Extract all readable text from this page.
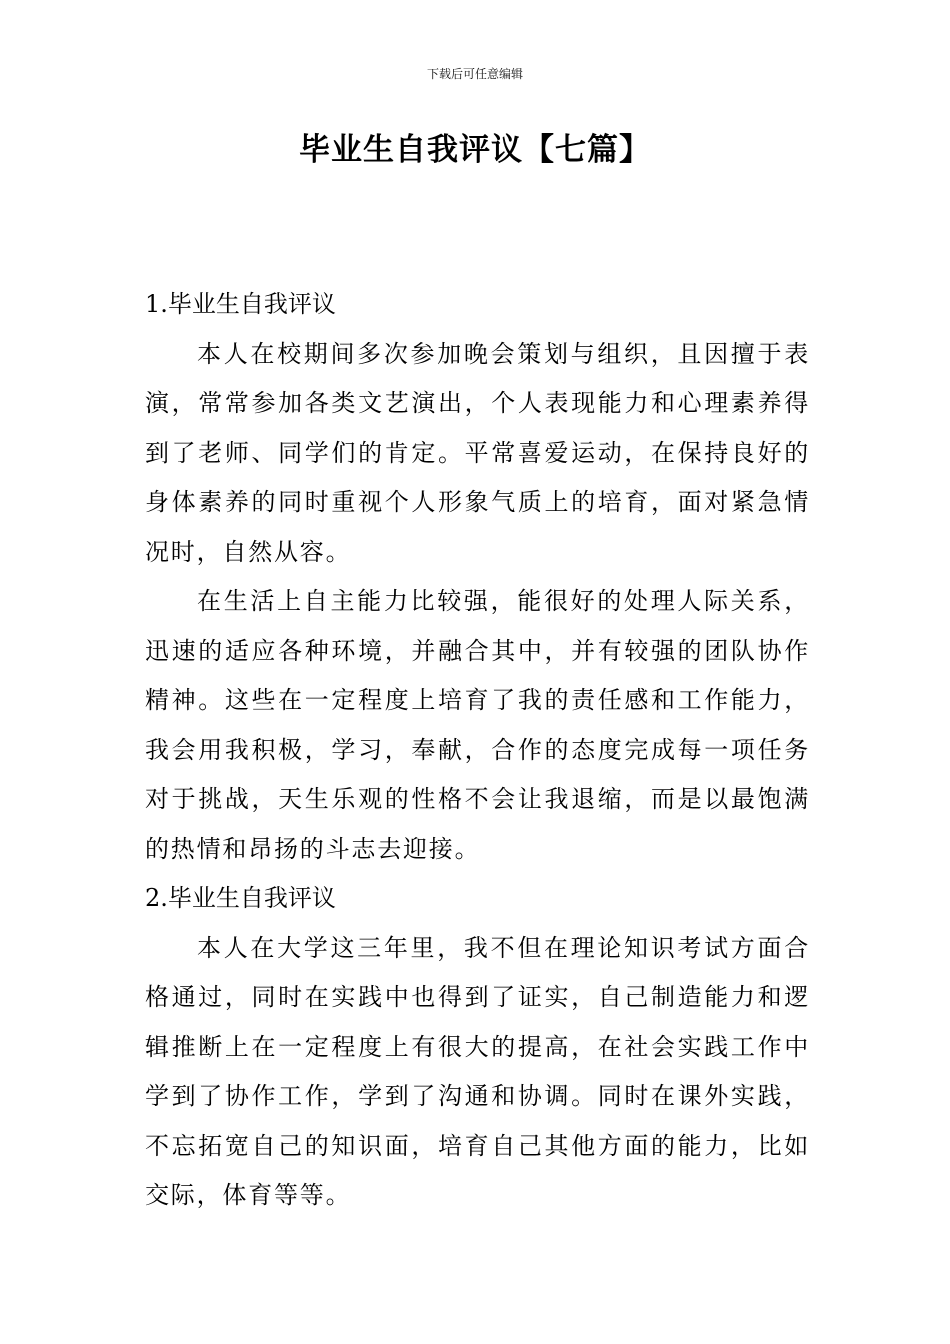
下载后可任意编辑
毕业生自我评议【七篇】
1.毕业生自我评议

本人在校期间多次参加晚会策划与组织，且因擅于表演，常常参加各类文艺演出，个人表现能力和心理素养得到了老师、同学们的肯定。平常喜爱运动，在保持良好的身体素养的同时重视个人形象气质上的培育，面对紧急情况时，自然从容。

在生活上自主能力比较强，能很好的处理人际关系，迅速的适应各种环境，并融合其中，并有较强的团队协作精神。这些在一定程度上培育了我的责任感和工作能力，我会用我积极，学习，奉献，合作的态度完成每一项任务对于挑战，天生乐观的性格不会让我退缩，而是以最饱满的热情和昂扬的斗志去迎接。

2.毕业生自我评议

本人在大学这三年里，我不但在理论知识考试方面合格通过，同时在实践中也得到了证实，自己制造能力和逻辑推断上在一定程度上有很大的提高，在社会实践工作中学到了协作工作，学到了沟通和协调。同时在课外实践，不忘拓宽自己的知识面，培育自己其他方面的能力，比如交际，体育等等。
